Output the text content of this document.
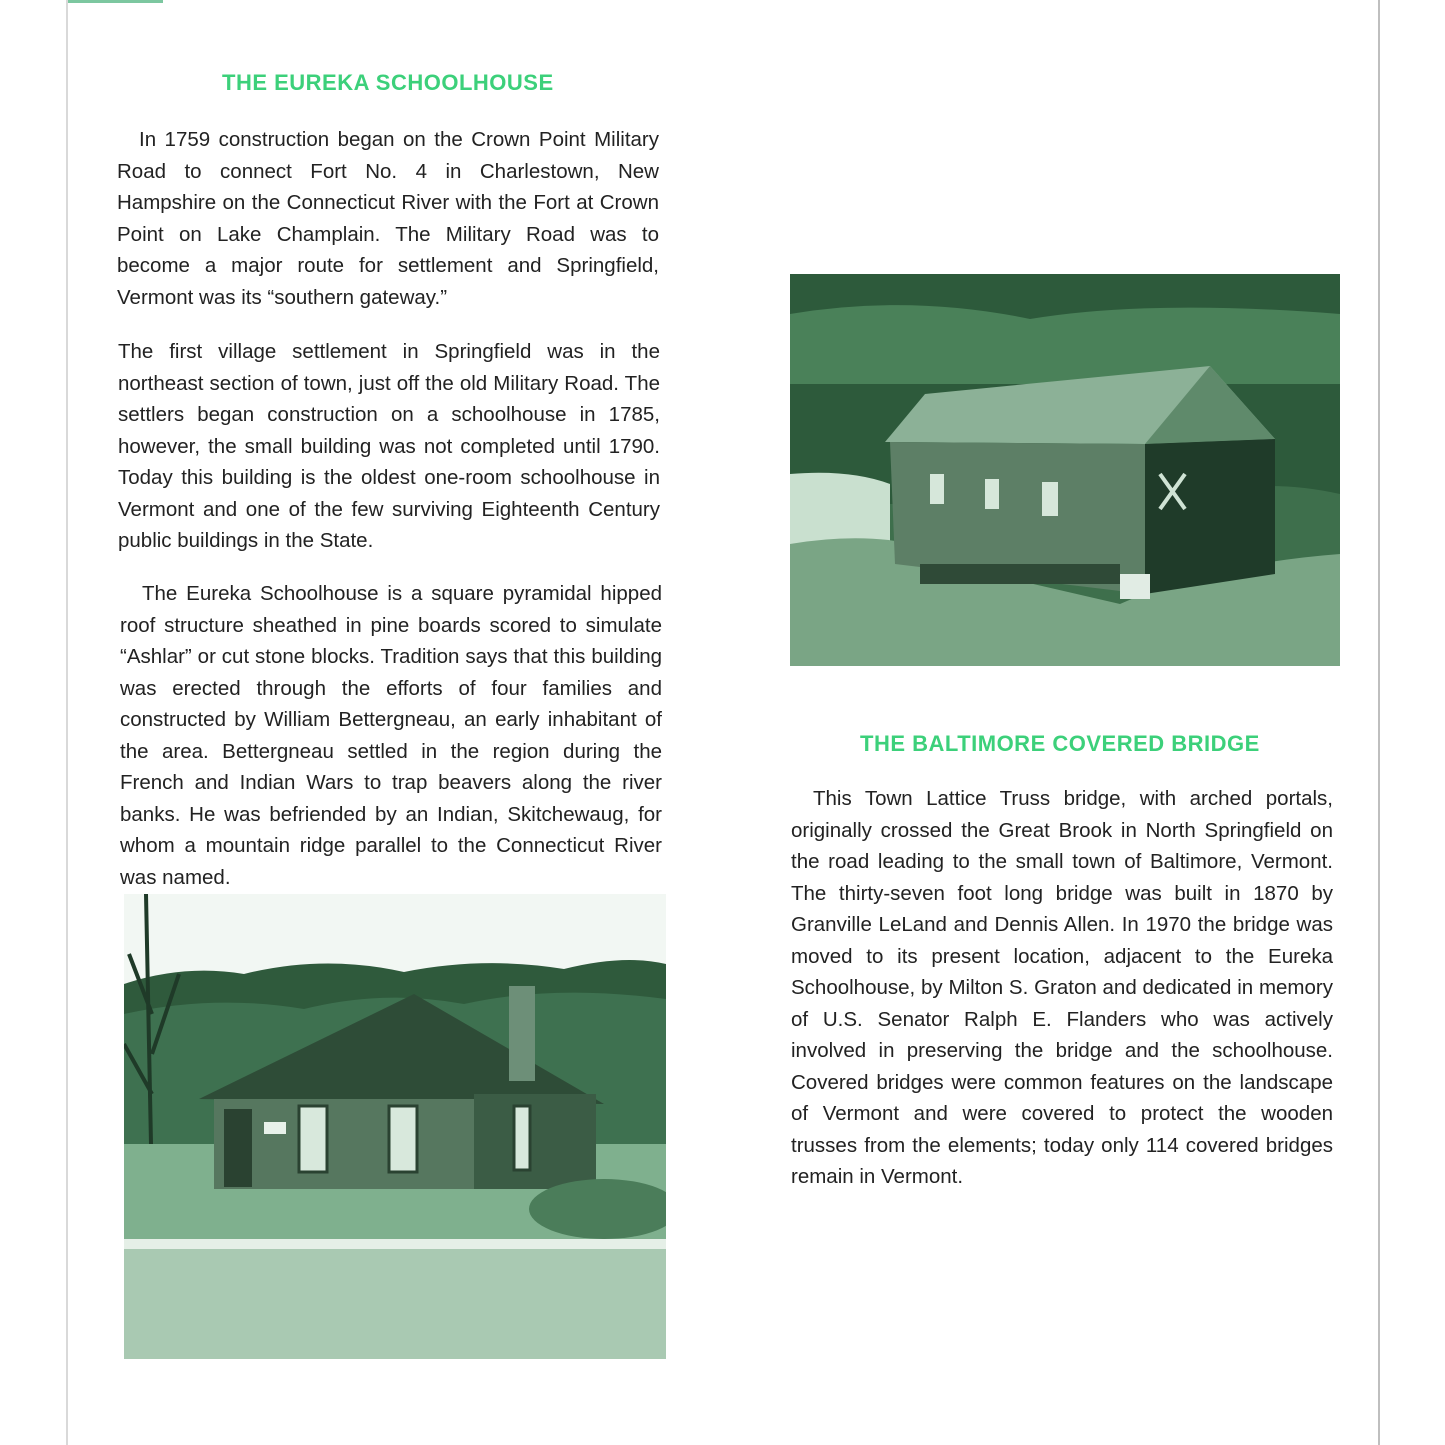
THE EUREKA SCHOOLHOUSE

In 1759 construction began on the Crown Point Military Road to connect Fort No. 4 in Charlestown, New Hampshire on the Connecticut River with the Fort at Crown Point on Lake Champlain. The Military Road was to become a major route for settlement and Springfield, Vermont was its “southern gateway.”

The first village settlement in Springfield was in the northeast section of town, just off the old Military Road. The settlers began construction on a schoolhouse in 1785, however, the small building was not completed until 1790. Today this building is the oldest one-room schoolhouse in Vermont and one of the few surviving Eighteenth Century public buildings in the State.

The Eureka Schoolhouse is a square pyramidal hipped roof structure sheathed in pine boards scored to simulate “Ashlar” or cut stone blocks. Tradition says that this building was erected through the efforts of four families and constructed by William Bettergneau, an early inhabitant of the area. Bettergneau settled in the region during the French and Indian Wars to trap beavers along the river banks. He was befriended by an Indian, Skitchewaug, for whom a mountain ridge parallel to the Connecticut River was named.

THE BALTIMORE COVERED BRIDGE

This Town Lattice Truss bridge, with arched portals, originally crossed the Great Brook in North Springfield on the road leading to the small town of Baltimore, Vermont. The thirty-seven foot long bridge was built in 1870 by Granville LeLand and Dennis Allen. In 1970 the bridge was moved to its present location, adjacent to the Eureka Schoolhouse, by Milton S. Graton and dedicated in memory of U.S. Senator Ralph E. Flanders who was actively involved in preserving the bridge and the schoolhouse. Covered bridges were common features on the landscape of Vermont and were covered to protect the wooden trusses from the elements; today only 114 covered bridges remain in Vermont.
